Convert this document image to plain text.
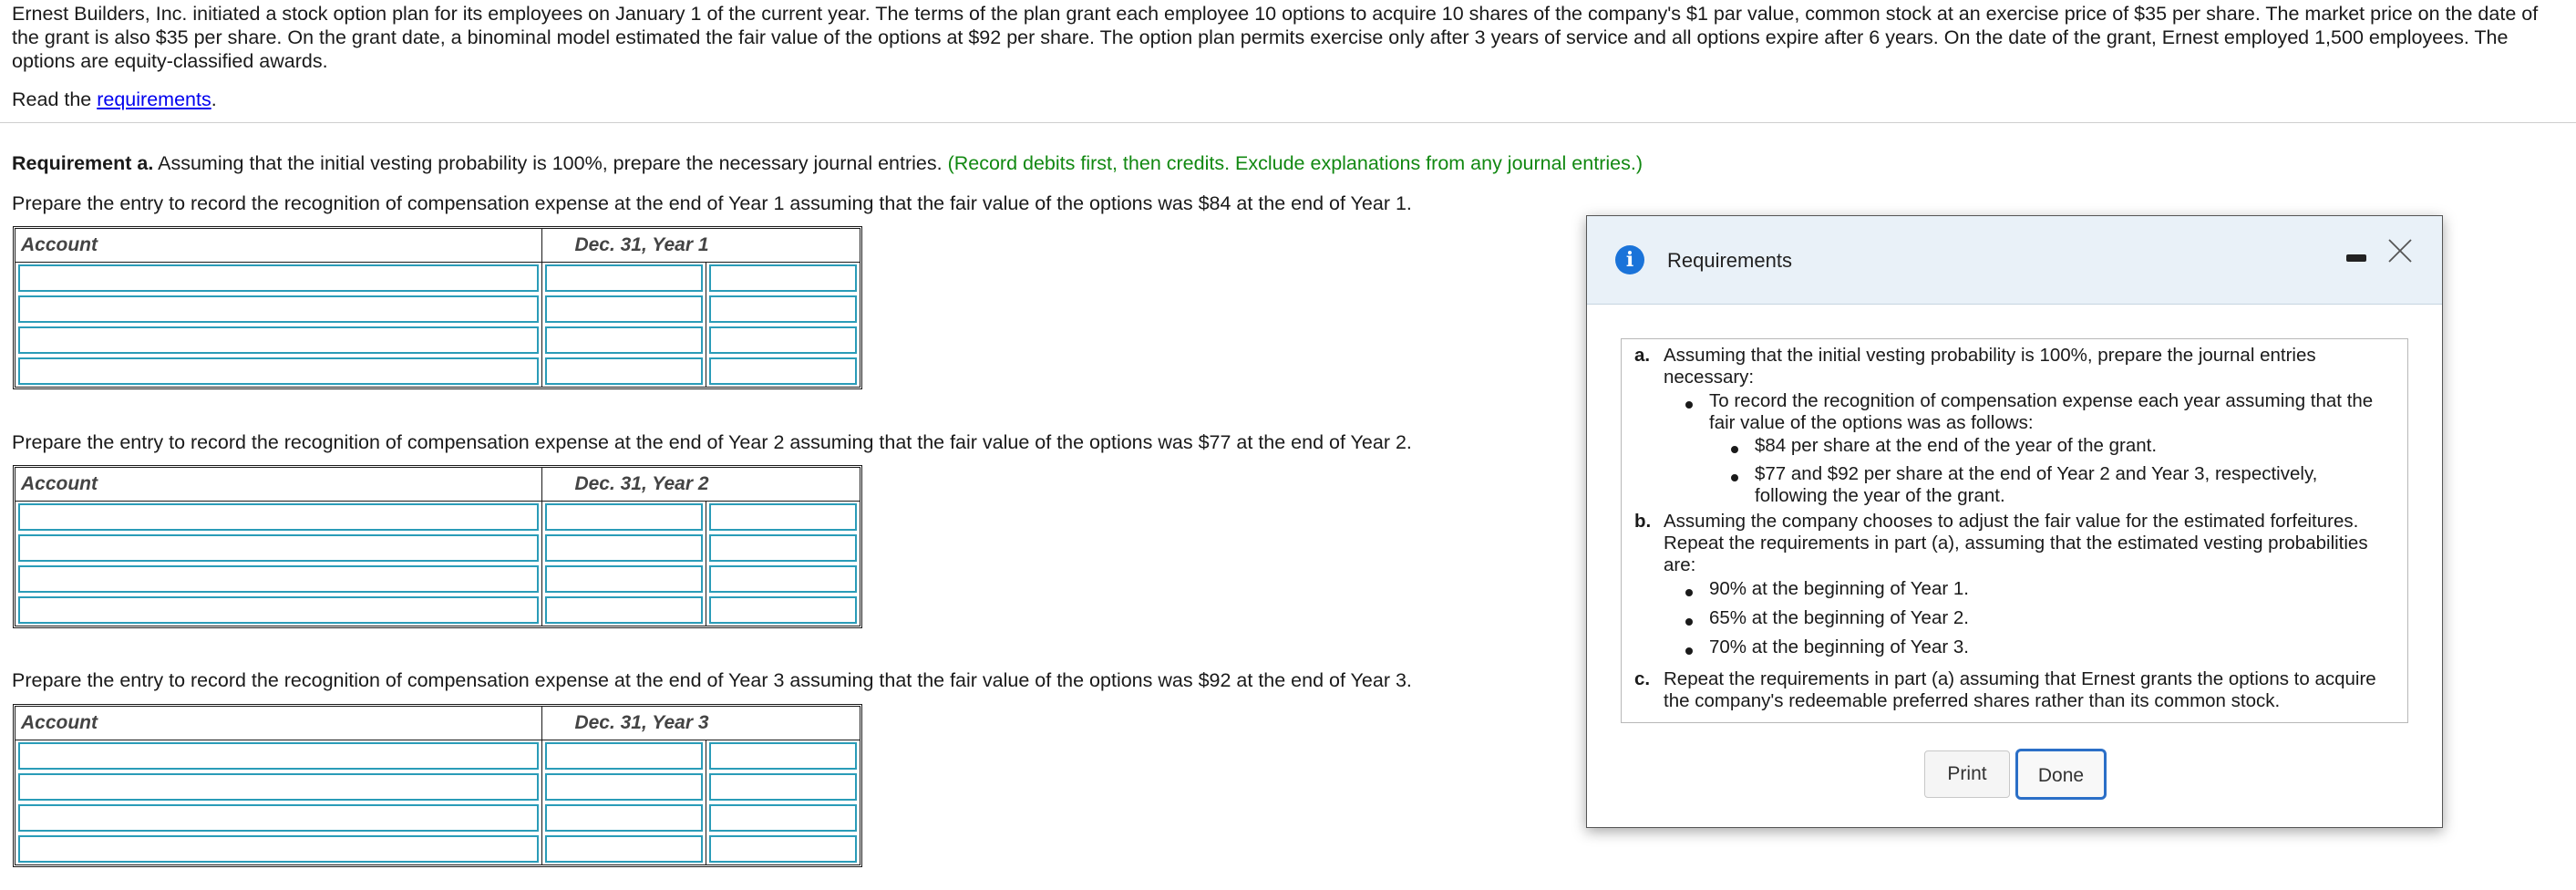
Ernest Builders, Inc. initiated a stock option plan for its employees on January 1 of the current year. The terms of the plan grant each employee 10 options to acquire 10 shares of the company's $1 par value, common stock at an exercise price of $35 per share. The market price on the date of the grant is also $35 per share. On the grant date, a binominal model estimated the fair value of the options at $92 per share. The option plan permits exercise only after 3 years of service and all options expire after 6 years. On the date of the grant, Ernest employed 1,500 employees. The options are equity-classified awards.
Read the requirements.
Requirement a. Assuming that the initial vesting probability is 100%, prepare the necessary journal entries. (Record debits first, then credits. Exclude explanations from any journal entries.)
Prepare the entry to record the recognition of compensation expense at the end of Year 1 assuming that the fair value of the options was $84 at the end of Year 1.
Account	Dec. 31, Year 1	

Prepare the entry to record the recognition of compensation expense at the end of Year 2 assuming that the fair value of the options was $77 at the end of Year 2.
Account	Dec. 31, Year 2	

Prepare the entry to record the recognition of compensation expense at the end of Year 3 assuming that the fair value of the options was $92 at the end of Year 3.
Account	Dec. 31, Year 3	

i	Requirements
a. Assuming that the initial vesting probability is 100%, prepare the journal entries
necessary:
To record the recognition of compensation expense each year assuming that the
fair value of the options was as follows:
$84 per share at the end of the year of the grant.
$77 and $92 per share at the end of Year 2 and Year 3, respectively,
following the year of the grant.
b. Assuming the company chooses to adjust the fair value for the estimated forfeitures.
Repeat the requirements in part (a), assuming that the estimated vesting probabilities
are:
90% at the beginning of Year 1.
65% at the beginning of Year 2.
70% at the beginning of Year 3.
c. Repeat the requirements in part (a) assuming that Ernest grants the options to acquire
the company's redeemable preferred shares rather than its common stock.
Print	Done
